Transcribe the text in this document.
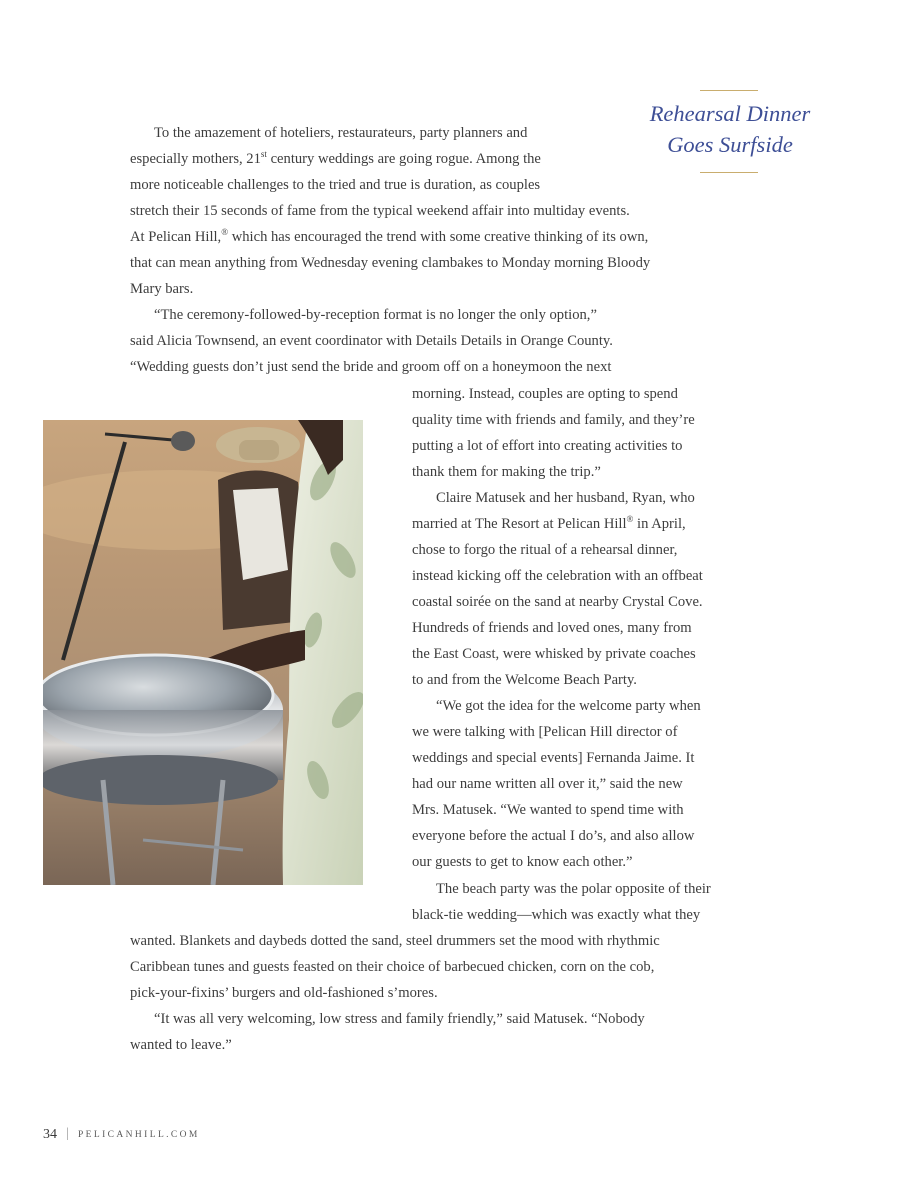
Rehearsal Dinner
Goes Surfside

To the amazement of hoteliers, restaurateurs, party planners and

especially mothers, 21st century weddings are going rogue. Among the

more noticeable challenges to the tried and true is duration, as couples

stretch their 15 seconds of fame from the typical weekend affair into multiday events.

At Pelican Hill,® which has encouraged the trend with some creative thinking of its own,

that can mean anything from Wednesday evening clambakes to Monday morning Bloody

Mary bars.

“The ceremony-followed-by-reception format is no longer the only option,”

said Alicia Townsend, an event coordinator with Details Details in Orange County.

“Wedding guests don’t just send the bride and groom off on a honeymoon the next

morning. Instead, couples are opting to spend

quality time with friends and family, and they’re

putting a lot of effort into creating activities to

thank them for making the trip.”

Claire Matusek and her husband, Ryan, who

married at The Resort at Pelican Hill® in April,

chose to forgo the ritual of a rehearsal dinner,

instead kicking off the celebration with an offbeat

coastal soirée on the sand at nearby Crystal Cove.

Hundreds of friends and loved ones, many from

the East Coast, were whisked by private coaches

to and from the Welcome Beach Party.

“We got the idea for the welcome party when

we were talking with [Pelican Hill director of

weddings and special events] Fernanda Jaime. It

had our name written all over it,” said the new

Mrs. Matusek. “We wanted to spend time with

everyone before the actual I do’s, and also allow

our guests to get to know each other.”

The beach party was the polar opposite of their

black-tie wedding—which was exactly what they

wanted. Blankets and daybeds dotted the sand, steel drummers set the mood with rhythmic

Caribbean tunes and guests feasted on their choice of barbecued chicken, corn on the cob,

pick-your-fixins’ burgers and old-fashioned s’mores.

“It was all very welcoming, low stress and family friendly,” said Matusek. “Nobody

wanted to leave.”

34 | PELICANHILL.COM
